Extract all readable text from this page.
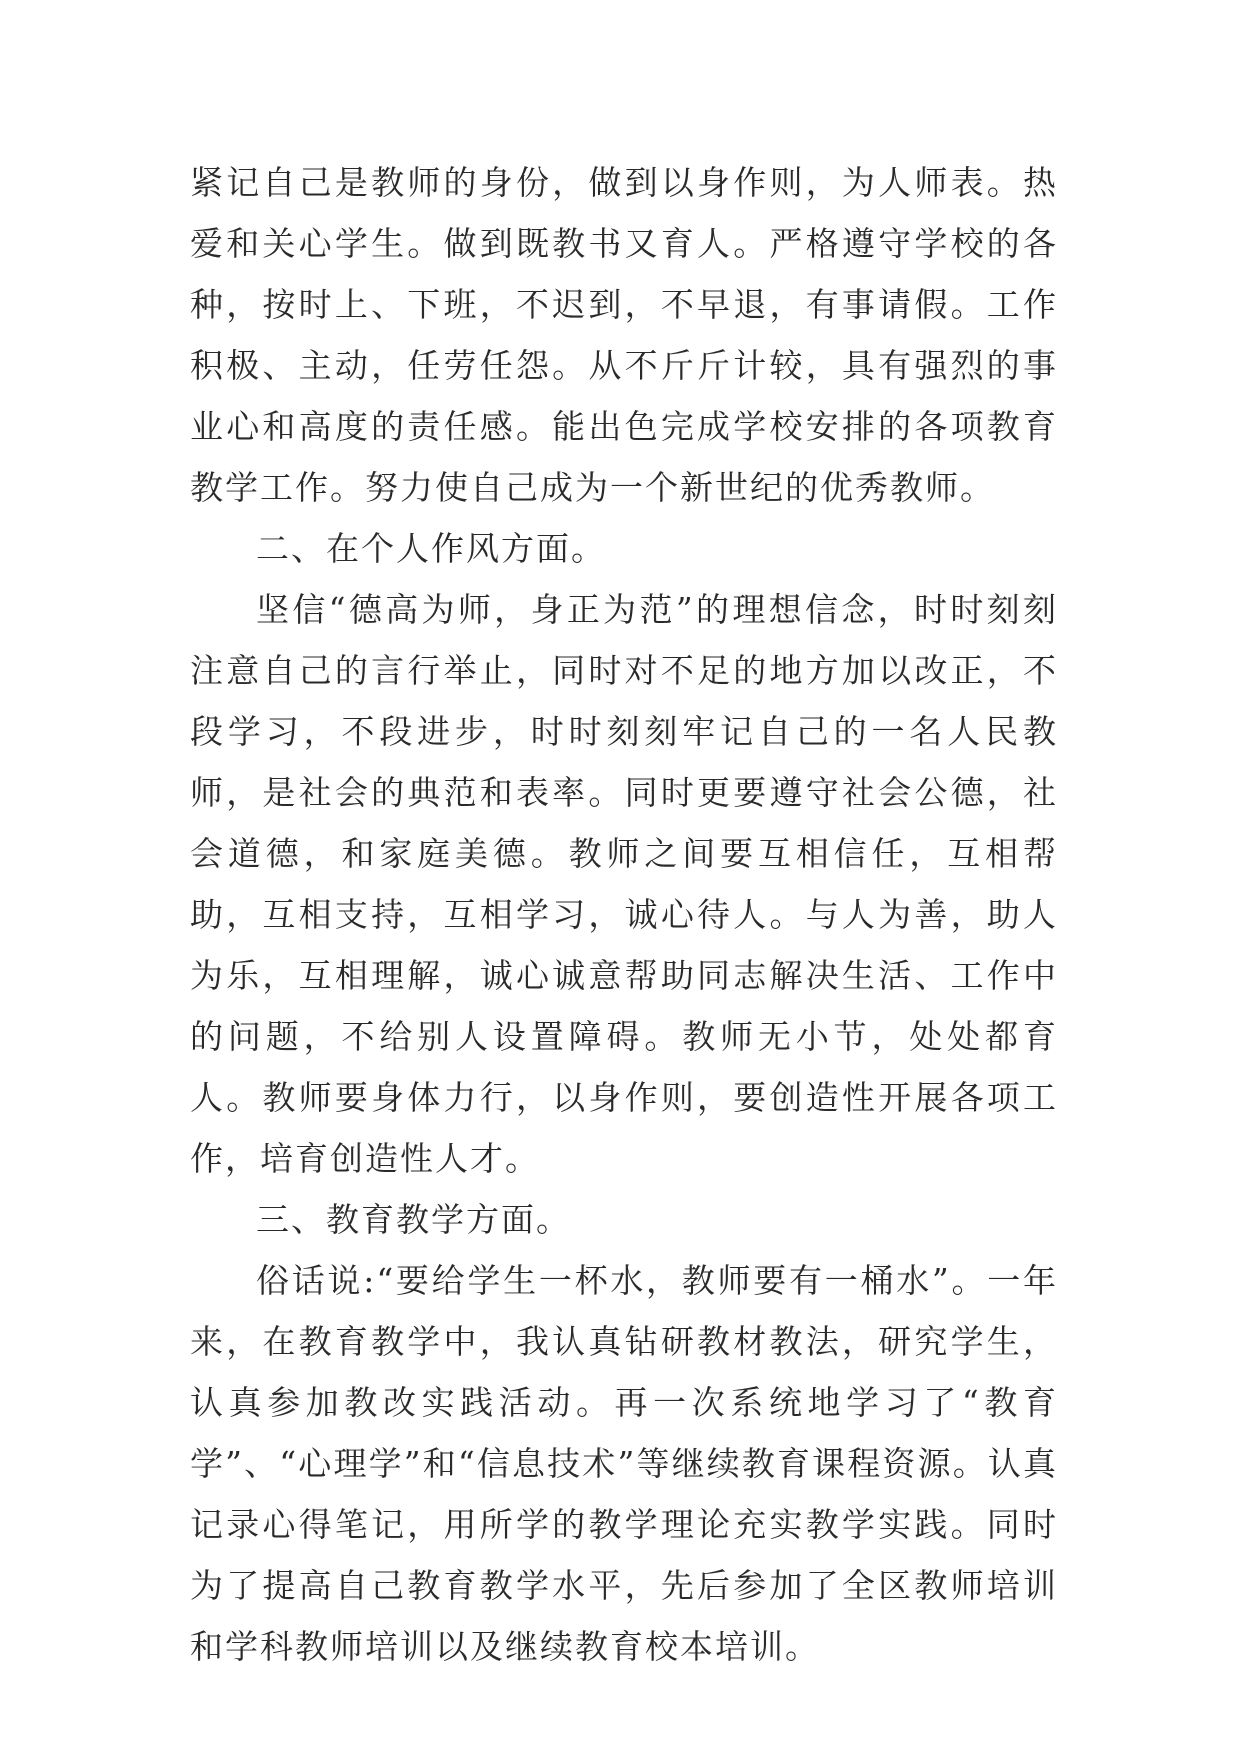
紧记自己是教师的身份，做到以身作则，为人师表。热爱和关心学生。做到既教书又育人。严格遵守学校的各种，按时上、下班，不迟到，不早退，有事请假。工作积极、主动，任劳任怨。从不斤斤计较，具有强烈的事业心和高度的责任感。能出色完成学校安排的各项教育教学工作。努力使自己成为一个新世纪的优秀教师。

二、在个人作风方面。

坚信“德高为师，身正为范”的理想信念，时时刻刻注意自己的言行举止，同时对不足的地方加以改正，不段学习，不段进步，时时刻刻牢记自己的一名人民教师，是社会的典范和表率。同时更要遵守社会公德，社会道德，和家庭美德。教师之间要互相信任，互相帮助，互相支持，互相学习，诚心待人。与人为善，助人为乐，互相理解，诚心诚意帮助同志解决生活、工作中的问题，不给别人设置障碍。教师无小节，处处都育人。教师要身体力行，以身作则，要创造性开展各项工作，培育创造性人才。

三、教育教学方面。

俗话说:“要给学生一杯水，教师要有一桶水”。一年来，在教育教学中，我认真钻研教材教法，研究学生，认真参加教改实践活动。再一次系统地学习了“教育学”、“心理学”和“信息技术”等继续教育课程资源。认真记录心得笔记，用所学的教学理论充实教学实践。同时为了提高自己教育教学水平，先后参加了全区教师培训和学科教师培训以及继续教育校本培训。
